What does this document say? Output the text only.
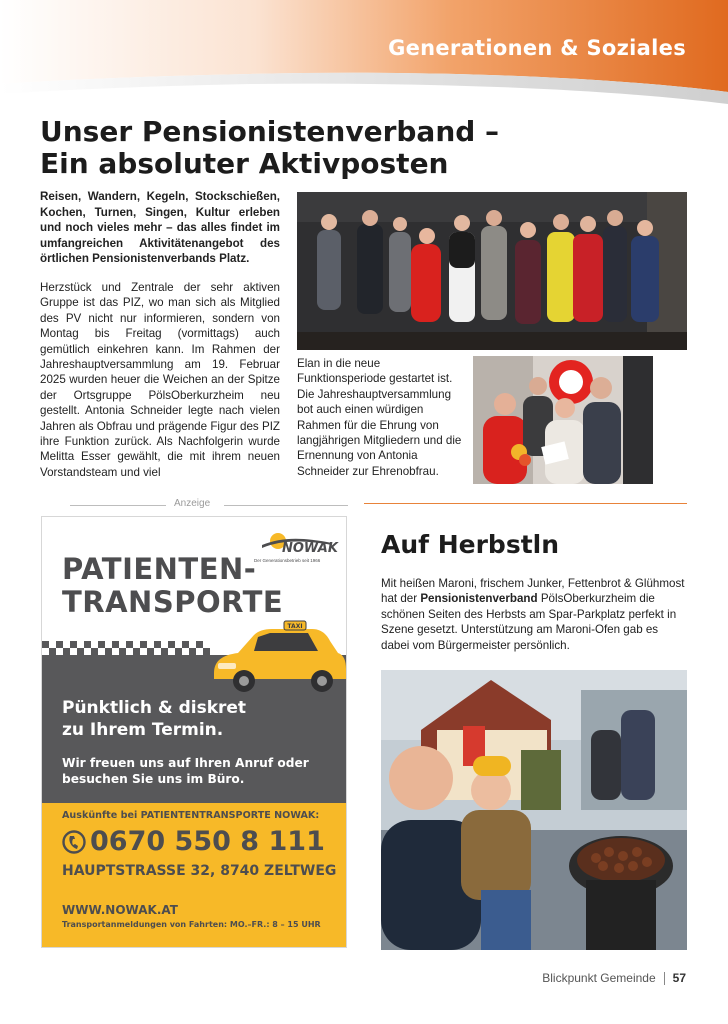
Generationen & Soziales
Unser Pensionistenverband –
Ein absoluter Aktivposten

Reisen, Wandern, Kegeln, Stockschießen, Kochen, Turnen, Singen, Kultur erleben und noch vieles mehr – das alles findet im umfangreichen Aktivitätenangebot des örtlichen Pensionistenverbands Platz.

Herzstück und Zentrale der sehr aktiven Gruppe ist das PIZ, wo man sich als Mitglied des PV nicht nur informieren, sondern von Montag bis Freitag (vormittags) auch gemütlich einkehren kann. Im Rahmen der Jahreshauptversammlung am 19. Februar 2025 wurden heuer die Weichen an der Spitze der Ortsgruppe PölsOberkurzheim neu gestellt. Antonia Schneider legte nach vielen Jahren als Obfrau und prägende Figur des PIZ ihre Funktion zurück. Als Nachfolgerin wurde Melitta Esser gewählt, die mit ihrem neuen Vorstandsteam und viel

Elan in die neue Funktionsperiode gestartet ist. Die Jahreshauptversammlung bot auch einen würdigen Rahmen für die Ehrung von langjährigen Mitgliedern und die Ernennung von Antonia Schneider zur Ehrenobfrau.

Anzeige
NOWAK
Der Generationsbetrieb seit 1966
PATIENTEN-
TRANSPORTE
TAXI
Pünktlich & diskret
zu Ihrem Termin.
Wir freuen uns auf Ihren Anruf oder
besuchen Sie uns im Büro.
Auskünfte bei PATIENTENTRANSPORTE NOWAK:
0670 550 8 111
HAUPTSTRASSE 32, 8740 ZELTWEG
WWW.NOWAK.AT
Transportanmeldungen von Fahrten: MO.–FR.: 8 – 15 UHR
Auf Herbstln

Mit heißen Maroni, frischem Junker, Fettenbrot & Glühmost hat der Pensionistenverband PölsOberkurzheim die schönen Seiten des Herbsts am Spar-Parkplatz perfekt in Szene gesetzt. Unterstützung am Maroni-Ofen gab es dabei vom Bürgermeister persönlich.

Blickpunkt Gemeinde 57
